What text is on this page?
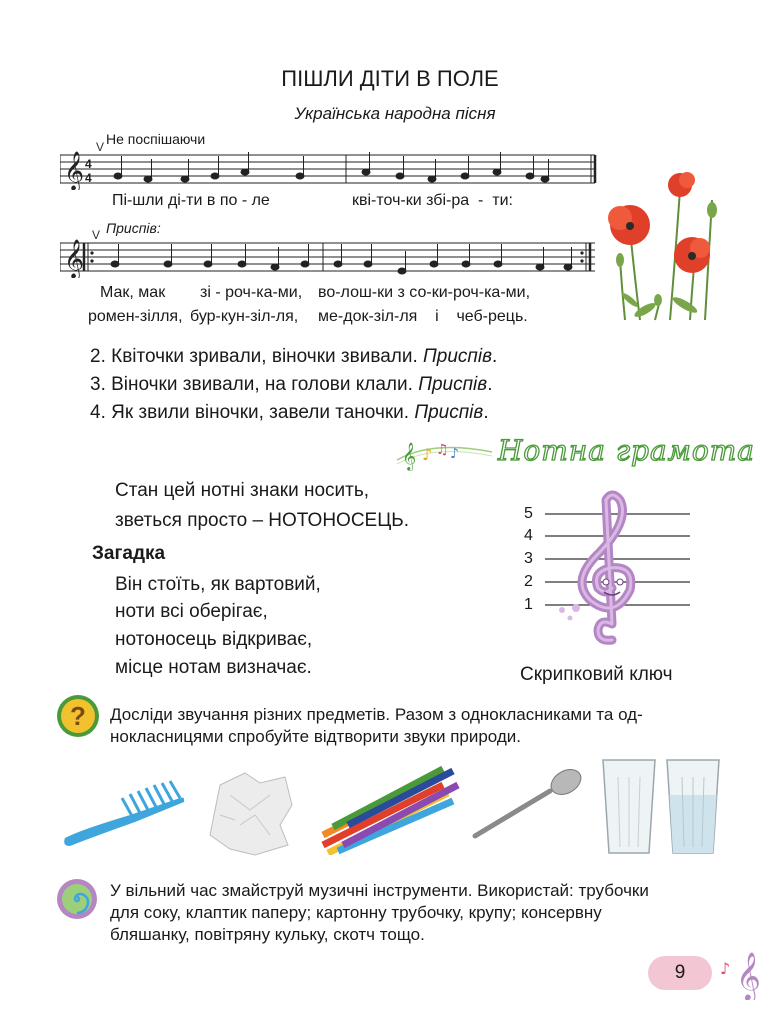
ПІШЛИ ДІТИ В ПОЛЕ
Українська народна пісня
V Не поспішаючи
V Приспів:
𝄞 4
4
Пі-шли ді-ти в по - ле	кві-точ-ки збі-ра  -  ти:
𝄞
Мак, мак зі - роч-ка-ми, во-лош-ки з со-ки-роч-ка-ми,
ромен-зілля, бур-кун-зіл-ля, ме-док-зіл-ля    і    чеб-рець.
2. Квіточки зривали, віночки звивали. Приспів.
3. Віночки звивали, на голови клали. Приспів.
4. Як звили віночки, завели таночки. Приспів.
𝄞 ♪ ♫ ♪ Нотна грамота
Стан цей нотні знаки носить,
зветься просто – НОТОНОСЕЦЬ.
Загадка
Він стоїть, як вартовий,
ноти всі оберігає,
нотоносець відкриває,
місце нотам визначає.
5
4
3
2
1
Скрипковий ключ
? Досліди звучання різних предметів. Разом з однокласниками та од-
нокласницями спробуйте відтворити звуки природи.
У вільний час змайструй музичні інструменти. Використай: трубочки
для соку, клаптик паперу; картонну трубочку, крупу; консервну
бляшанку, повітряну кульку, скотч тощо.
9	𝄞
♪
